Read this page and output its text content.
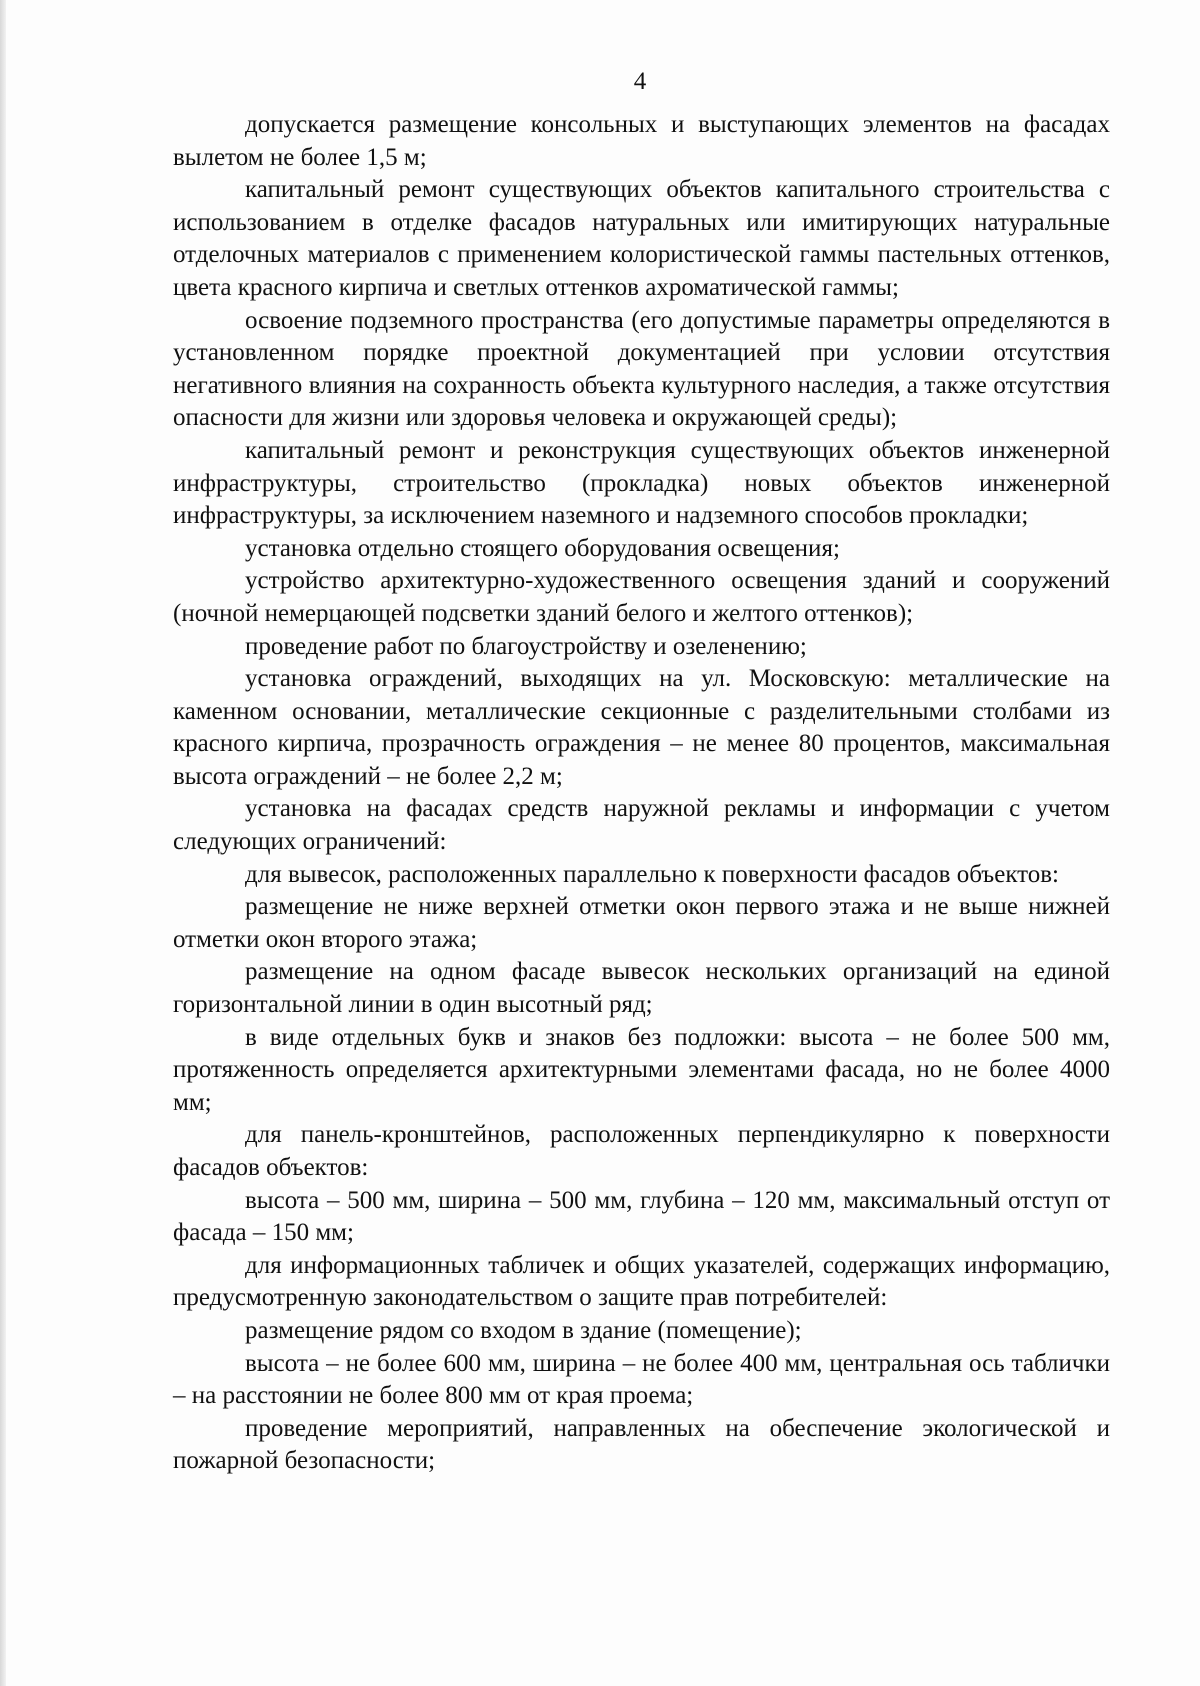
4

допускается размещение консольных и выступающих элементов на фасадах вылетом не более 1,5 м;

капитальный ремонт существующих объектов капитального строительства с использованием в отделке фасадов натуральных или имитирующих натуральные отделочных материалов с применением колористической гаммы пастельных оттенков, цвета красного кирпича и светлых оттенков ахроматической гаммы;

освоение подземного пространства (его допустимые параметры определяются в установленном порядке проектной документацией при условии отсутствия негативного влияния на сохранность объекта культурного наследия, а также отсутствия опасности для жизни или здоровья человека и окружающей среды);

капитальный ремонт и реконструкция существующих объектов инженерной инфраструктуры, строительство (прокладка) новых объектов инженерной инфраструктуры, за исключением наземного и надземного способов прокладки;

установка отдельно стоящего оборудования освещения;

устройство архитектурно-художественного освещения зданий и сооружений (ночной немерцающей подсветки зданий белого и желтого оттенков);

проведение работ по благоустройству и озеленению;

установка ограждений, выходящих на ул. Московскую: металлические на каменном основании, металлические секционные с разделительными столбами из красного кирпича, прозрачность ограждения – не менее 80 процентов, максимальная высота ограждений – не более 2,2 м;

установка на фасадах средств наружной рекламы и информации с учетом следующих ограничений:

для вывесок, расположенных параллельно к поверхности фасадов объектов:

размещение не ниже верхней отметки окон первого этажа и не выше нижней отметки окон второго этажа;

размещение на одном фасаде вывесок нескольких организаций на единой горизонтальной линии в один высотный ряд;

в виде отдельных букв и знаков без подложки: высота – не более 500 мм, протяженность определяется архитектурными элементами фасада, но не более 4000 мм;

для панель-кронштейнов, расположенных перпендикулярно к поверхности фасадов объектов:

высота – 500 мм, ширина – 500 мм, глубина – 120 мм, максимальный отступ от фасада – 150 мм;

для информационных табличек и общих указателей, содержащих информацию, предусмотренную законодательством о защите прав потребителей:

размещение рядом со входом в здание (помещение);

высота – не более 600 мм, ширина – не более 400 мм, центральная ось таблички – на расстоянии не более 800 мм от края проема;

проведение мероприятий, направленных на обеспечение экологической и пожарной безопасности;
